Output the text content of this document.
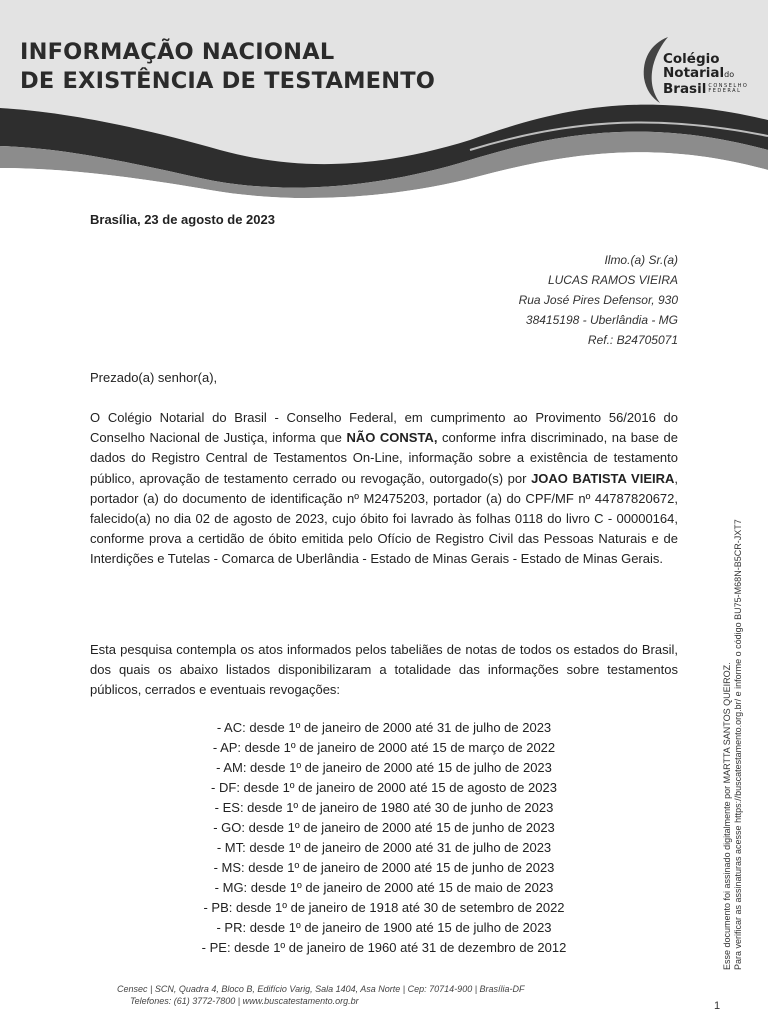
INFORMAÇÃO NACIONAL
DE EXISTÊNCIA DE TESTAMENTO
Colégio
Notarialdo
Brasil CONSELHO
FEDERAL
Brasília, 23 de agosto de 2023
Ilmo.(a) Sr.(a)
LUCAS RAMOS VIEIRA
Rua José Pires Defensor, 930
38415198 - Uberlândia - MG
Ref.: B24705071
Prezado(a) senhor(a),

O Colégio Notarial do Brasil - Conselho Federal, em cumprimento ao Provimento 56/2016 do Conselho Nacional de Justiça, informa que NÃO CONSTA, conforme infra discriminado, na base de dados do Registro Central de Testamentos On-Line, informação sobre a existência de testamento público, aprovação de testamento cerrado ou revogação, outorgado(s) por JOAO BATISTA VIEIRA, portador (a) do documento de identificação nº M2475203, portador (a) do CPF/MF nº 44787820672, falecido(a) no dia 02 de agosto de 2023, cujo óbito foi lavrado às folhas 0118 do livro C - 00000164, conforme prova a certidão de óbito emitida pelo Ofício de Registro Civil das Pessoas Naturais e de Interdições e Tutelas - Comarca de Uberlândia - Estado de Minas Gerais - Estado de Minas Gerais.

Esta pesquisa contempla os atos informados pelos tabeliães de notas de todos os estados do Brasil, dos quais os abaixo listados disponibilizaram a totalidade das informações sobre testamentos públicos, cerrados e eventuais revogações:

- AC: desde 1º de janeiro de 2000 até 31 de julho de 2023
- AP: desde 1º de janeiro de 2000 até 15 de março de 2022
- AM: desde 1º de janeiro de 2000 até 15 de julho de 2023
- DF: desde 1º de janeiro de 2000 até 15 de agosto de 2023
- ES: desde 1º de janeiro de 1980 até 30 de junho de 2023
- GO: desde 1º de janeiro de 2000 até 15 de junho de 2023
- MT: desde 1º de janeiro de 2000 até 31 de julho de 2023
- MS: desde 1º de janeiro de 2000 até 15 de junho de 2023
- MG: desde 1º de janeiro de 2000 até 15 de maio de 2023
- PB: desde 1º de janeiro de 1918 até 30 de setembro de 2022
- PR: desde 1º de janeiro de 1900 até 15 de julho de 2023
- PE: desde 1º de janeiro de 1960 até 31 de dezembro de 2012	Esse documento foi assinado digitalmente por MARTTA SANTOS QUEIROZ. Para verificar as assinaturas acesse https://buscatestamento.org.br/ e informe o código BU75-M68N-B5CR-JXT7
Censec | SCN, Quadra 4, Bloco B, Edifício Varig, Sala 1404, Asa Norte | Cep: 70714-900 | Brasília-DF
Telefones: (61) 3772-7800 | www.buscatestamento.org.br	1
